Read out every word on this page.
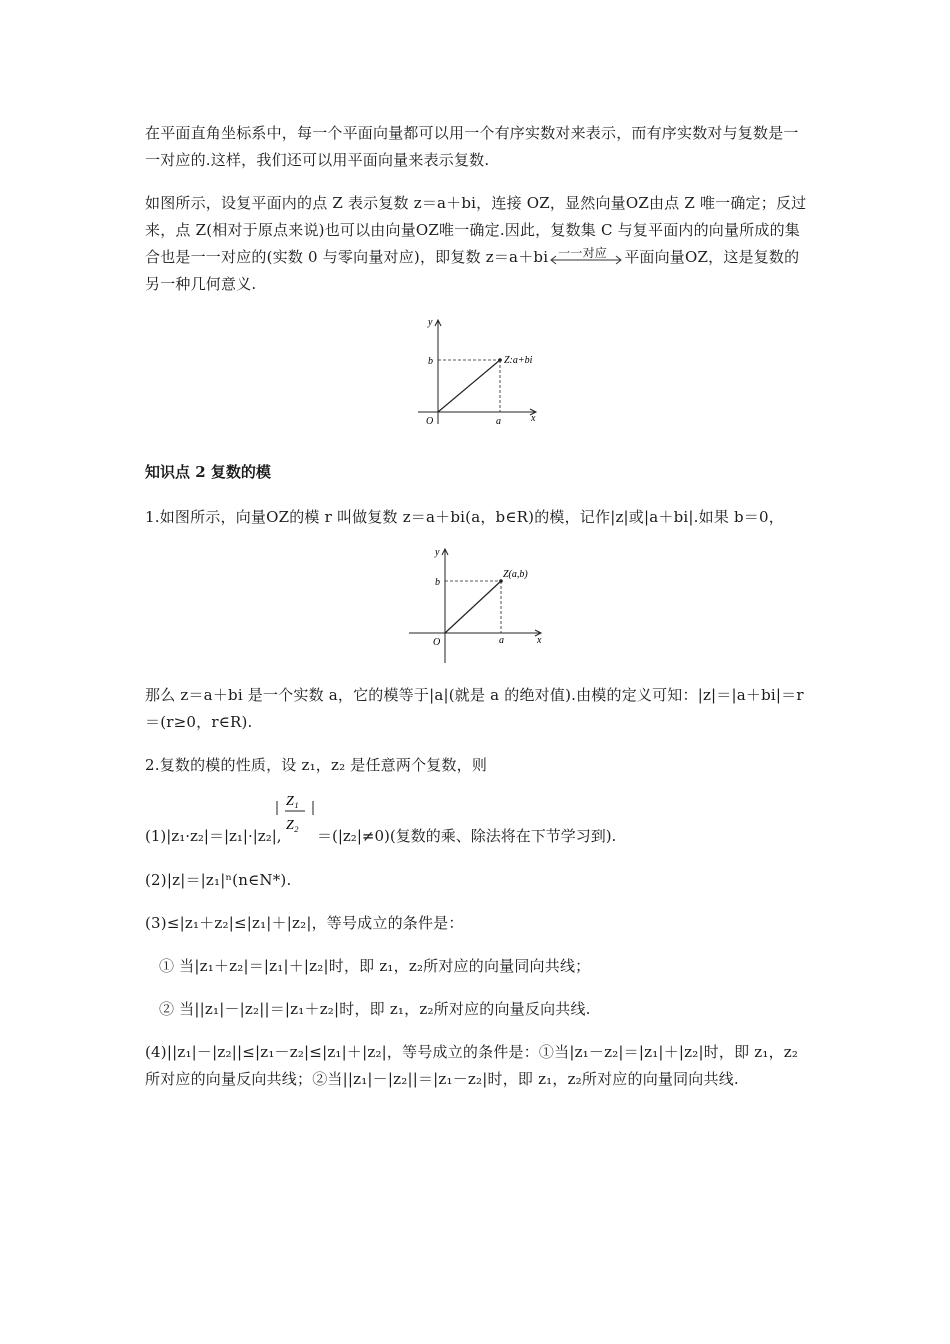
在平面直角坐标系中，每一个平面向量都可以用一个有序实数对来表示，而有序实数对与复数是一一对应的.这样，我们还可以用平面向量来表示复数.

如图所示，设复平面内的点 Z 表示复数 z＝a＋bi，连接 OZ，显然向量OZ由点 Z 唯一确定；反过来，点 Z(相对于原点来说)也可以由向量OZ唯一确定.因此，复数集 C 与复平面内的向量所成的集合也是一一对应的(实数 0 与零向量对应)，即复数 z＝a＋bi 一一对应 平面向量OZ，这是复数的另一种几何意义.

y
x
O	a
b	Z:a+bi

知识点 2 复数的模

1.如图所示，向量OZ的模 r 叫做复数 z＝a＋bi(a，b∈R)的模，记作|z|或|a＋bi|.如果 b＝0，

y
x
O	a
b
Z(a,b)

那么 z＝a＋bi 是一个实数 a，它的模等于|a|(就是 a 的绝对值).由模的定义可知：|z|＝|a＋bi|＝r＝(r≥0，r∈R).

2.复数的模的性质，设 z₁，z₂ 是任意两个复数，则

(1)|z₁·z₂|＝|z₁|·|z₂|,
Z₁
Z₂
＝(|z₂|≠0)(复数的乘、除法将在下节学习到).

(2)|z|＝|z₁|ⁿ(n∈N*).

(3)≤|z₁＋z₂|≤|z₁|＋|z₂|，等号成立的条件是：

① 当|z₁＋z₂|＝|z₁|＋|z₂|时，即 z₁，z₂所对应的向量同向共线；

② 当||z₁|－|z₂||＝|z₁＋z₂|时，即 z₁，z₂所对应的向量反向共线.

(4)||z₁|－|z₂||≤|z₁－z₂|≤|z₁|＋|z₂|，等号成立的条件是：①当|z₁－z₂|＝|z₁|＋|z₂|时，即 z₁，z₂所对应的向量反向共线；②当||z₁|－|z₂||＝|z₁－z₂|时，即 z₁，z₂所对应的向量同向共线.
